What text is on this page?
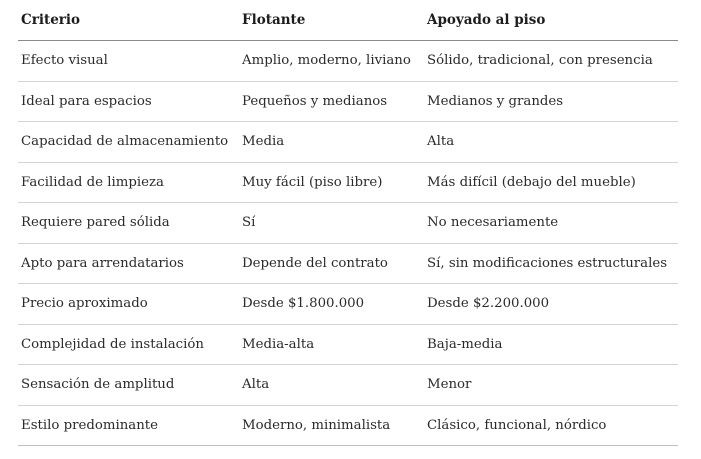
Criterio	Flotante	Apoyado al piso
Efecto visual	Amplio, moderno, liviano	Sólido, tradicional, con presencia
Ideal para espacios	Pequeños y medianos	Medianos y grandes
Capacidad de almacenamiento	Media	Alta
Facilidad de limpieza	Muy fácil (piso libre)	Más difícil (debajo del mueble)
Requiere pared sólida	Sí	No necesariamente
Apto para arrendatarios	Depende del contrato	Sí, sin modificaciones estructurales
Precio aproximado	Desde $1.800.000	Desde $2.200.000
Complejidad de instalación	Media-alta	Baja-media
Sensación de amplitud	Alta	Menor
Estilo predominante	Moderno, minimalista	Clásico, funcional, nórdico
